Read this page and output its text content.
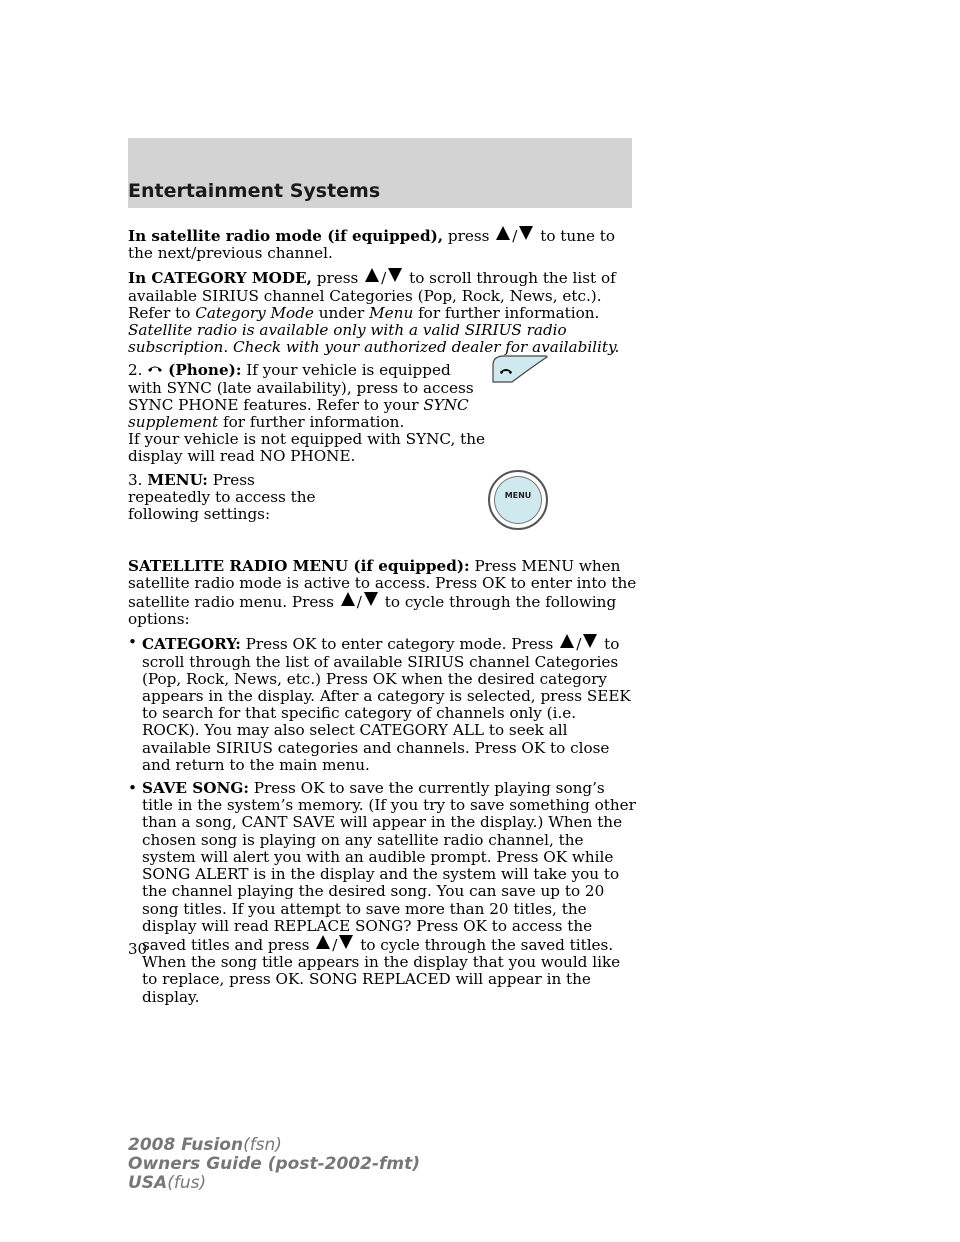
Entertainment Systems

In satellite radio mode (if equipped), press / to tune to the next/previous channel.

In CATEGORY MODE, press / to scroll through the list of available SIRIUS channel Categories (Pop, Rock, News, etc.). Refer to Category Mode under Menu for further information.
Satellite radio is available only with a valid SIRIUS radio subscription. Check with your authorized dealer for availability.

2. (Phone): If your vehicle is equipped with SYNC (late availability), press to access SYNC PHONE features. Refer to your SYNC supplement for further information.
If your vehicle is not equipped with SYNC, the display will read NO PHONE.

3. MENU: Press repeatedly to access the following settings:

SATELLITE RADIO MENU (if equipped): Press MENU when satellite radio mode is active to access. Press OK to enter into the satellite radio menu. Press / to cycle through the following options:

• CATEGORY: Press OK to enter category mode. Press / to scroll through the list of available SIRIUS channel Categories (Pop, Rock, News, etc.) Press OK when the desired category appears in the display. After a category is selected, press SEEK to search for that specific category of channels only (i.e. ROCK). You may also select CATEGORY ALL to seek all available SIRIUS categories and channels. Press OK to close and return to the main menu.
• SAVE SONG: Press OK to save the currently playing song’s title in the system’s memory. (If you try to save something other than a song, CANT SAVE will appear in the display.) When the chosen song is playing on any satellite radio channel, the system will alert you with an audible prompt. Press OK while SONG ALERT is in the display and the system will take you to the channel playing the desired song. You can save up to 20 song titles. If you attempt to save more than 20 titles, the display will read REPLACE SONG? Press OK to access the saved titles and press / to cycle through the saved titles. When the song title appears in the display that you would like to replace, press OK. SONG REPLACED will appear in the display.
MENU
30
2008 Fusion(fsn)
Owners Guide (post-2002-fmt)
USA(fus)
